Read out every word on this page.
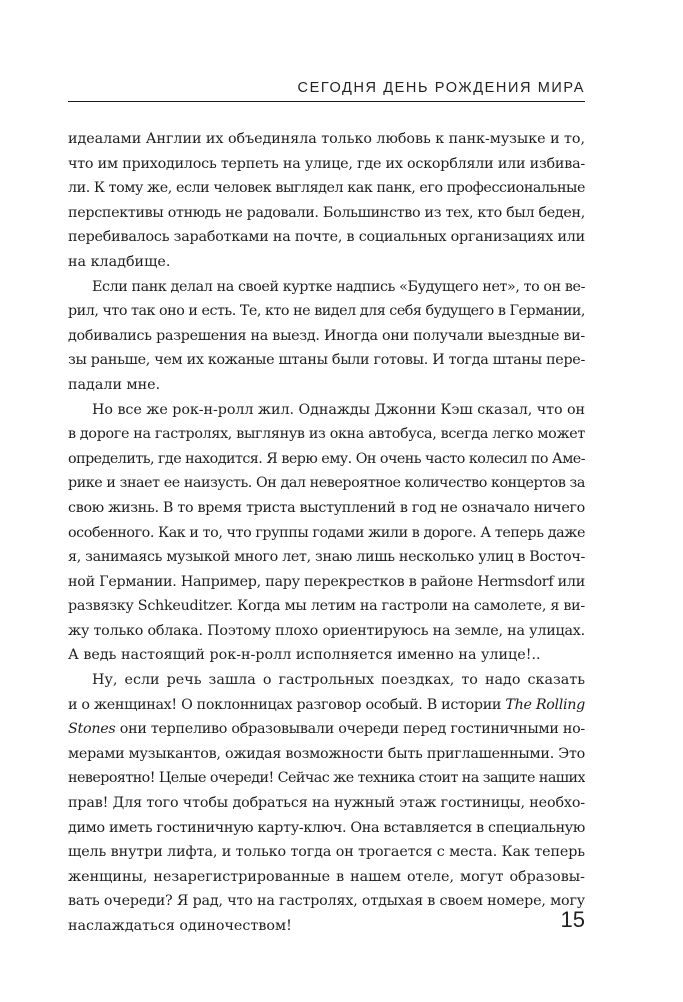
СЕГОДНЯ ДЕНЬ РОЖДЕНИЯ МИРА

идеалами Англии их объединяла только любовь к панк-музыке и то,
что им приходилось терпеть на улице, где их оскорбляли или избива-
ли. К тому же, если человек выглядел как панк, его профессиональные
перспективы отнюдь не радовали. Большинство из тех, кто был беден,
перебивалось заработками на почте, в социальных организациях или
на кладбище.

Если панк делал на своей куртке надпись «Будущего нет», то он ве-
рил, что так оно и есть. Те, кто не видел для себя будущего в Германии,
добивались разрешения на выезд. Иногда они получали выездные ви-
зы раньше, чем их кожаные штаны были готовы. И тогда штаны пере-
падали мне.

Но все же рок-н-ролл жил. Однажды Джонни Кэш сказал, что он
в дороге на гастролях, выглянув из окна автобуса, всегда легко может
определить, где находится. Я верю ему. Он очень часто колесил по Аме-
рике и знает ее наизусть. Он дал невероятное количество концертов за
свою жизнь. В то время триста выступлений в год не означало ничего
особенного. Как и то, что группы годами жили в дороге. А теперь даже
я, занимаясь музыкой много лет, знаю лишь несколько улиц в Восточ-
ной Германии. Например, пару перекрестков в районе Hermsdorf или
развязку Schkeuditzer. Когда мы летим на гастроли на самолете, я ви-
жу только облака. Поэтому плохо ориентируюсь на земле, на улицах.
А ведь настоящий рок-н-ролл исполняется именно на улице!..

Ну, если речь зашла о гастрольных поездках, то надо сказать
и о женщинах! О поклонницах разговор особый. В истории The Rolling
Stones они терпеливо образовывали очереди перед гостиничными но-
мерами музыкантов, ожидая возможности быть приглашенными. Это
невероятно! Целые очереди! Сейчас же техника стоит на защите наших
прав! Для того чтобы добраться на нужный этаж гостиницы, необхо-
димо иметь гостиничную карту-ключ. Она вставляется в специальную
щель внутри лифта, и только тогда он трогается с места. Как теперь
женщины, незарегистрированные в нашем отеле, могут образовы-
вать очереди? Я рад, что на гастролях, отдыхая в своем номере, могу
наслаждаться одиночеством!	15
